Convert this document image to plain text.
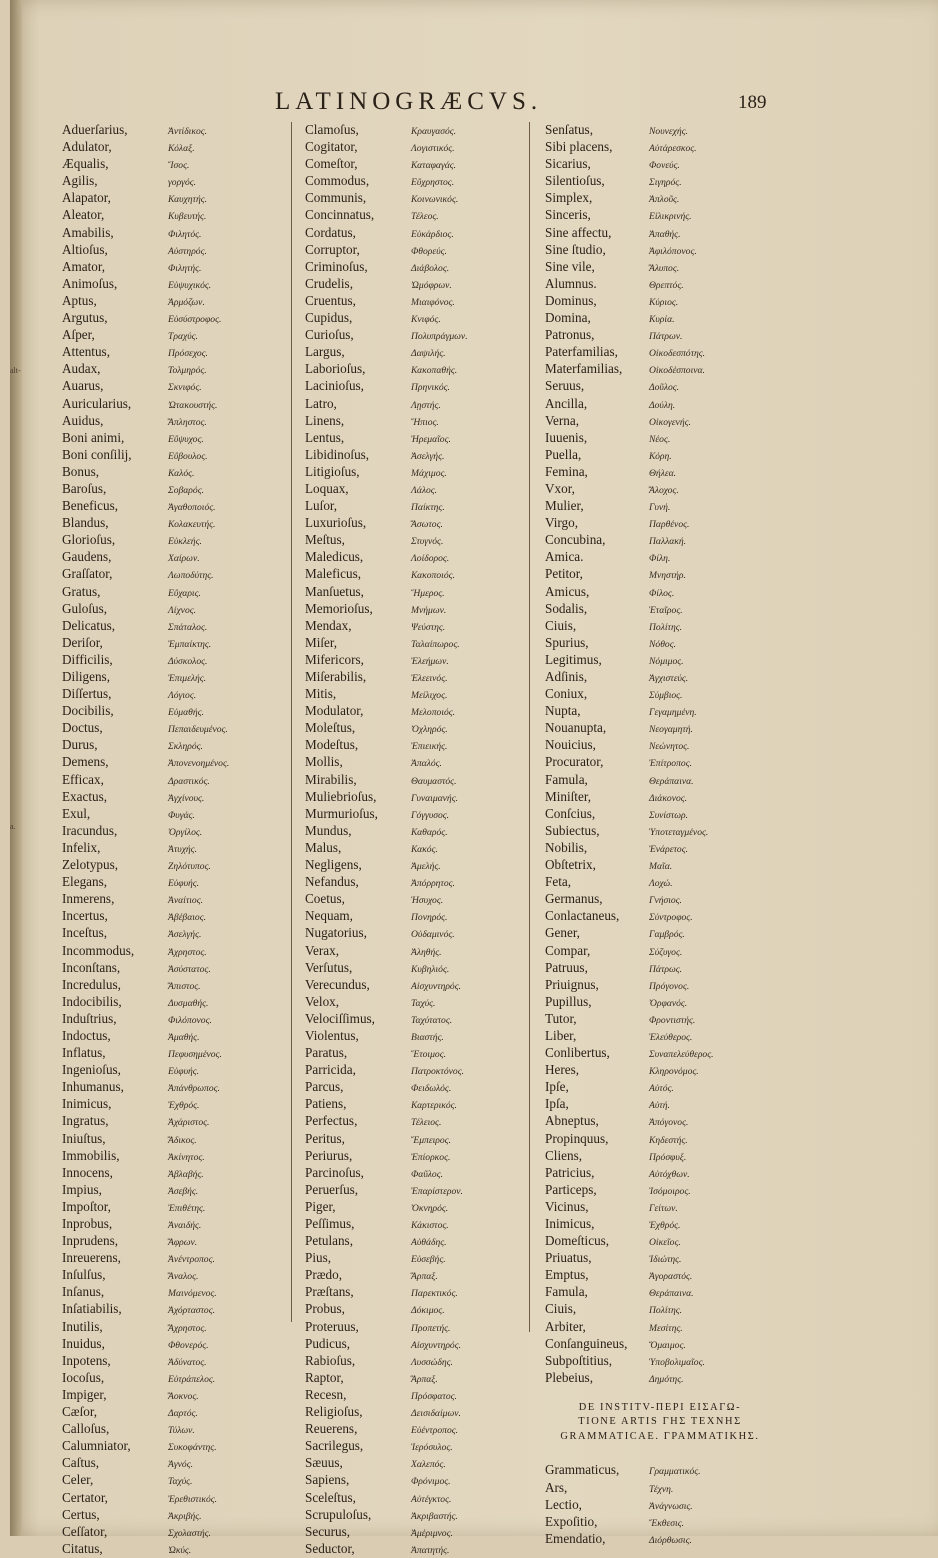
alt-
a.
LATINOGRÆCVS.	189
Aduerſarius,	Ἀντίδικος.
Adulator,	Κόλαξ.
Æqualis,	Ἴσος.
Agilis,	γοργός.
Alapator,	Καυχητής.
Aleator,	Κυβευτής.
Amabilis,	Φιλητός.
Altioſus,	Αὐστηρός.
Amator,	Φιλητής.
Animoſus,	Εὐψυχικός.
Aptus,	Ἁρμόζων.
Argutus,	Εὐσύστροφος.
Aſper,	Τραχύς.
Attentus,	Πρόσεχος.
Audax,	Τολμηρός.
Auarus,	Σκνιφός.
Auricularius,	Ὠτακουστής.
Auidus,	Ἄπληστος.
Boni animi,	Εὔψυχος.
Boni conſilij,	Εὔβουλος.
Bonus,	Καλός.
Baroſus,	Σοβαρός.
Beneficus,	Ἀγαθοποιός.
Blandus,	Κολακευτής.
Glorioſus,	Εὐκλεής.
Gaudens,	Χαίρων.
Graſſator,	Λωποδύτης.
Gratus,	Εὔχαρις.
Guloſus,	Λίχνος.
Delicatus,	Σπάταλος.
Deriſor,	Ἐμπαίκτης.
Difficilis,	Δύσκολος.
Diligens,	Ἐπιμελής.
Diſſertus,	Λόγιος.
Docibilis,	Εὐμαθής.
Doctus,	Πεπαιδευμένος.
Durus,	Σκληρός.
Demens,	Ἀπονενοημένος.
Efficax,	Δραστικός.
Exactus,	Ἀγχίνους.
Exul,	Φυγάς.
Iracundus,	Ὀργίλος.
Infelix,	Ἀτυχής.
Zelotypus,	Ζηλότυπος.
Elegans,	Εὐφυής.
Inmerens,	Ἀναίτιος.
Incertus,	Ἀβέβαιος.
Inceſtus,	Ἀσελγής.
Incommodus,	Ἀχρηστος.
Inconſtans,	Ἀσύστατος.
Incredulus,	Ἄπιστος.
Indocibilis,	Δυσμαθής.
Induſtrius,	Φιλόπονος.
Indoctus,	Ἀμαθής.
Inflatus,	Πεφυσημένος.
Ingenioſus,	Εὐφυής.
Inhumanus,	Ἀπάνθρωπος.
Inimicus,	Ἐχθρός.
Ingratus,	Ἀχάριστος.
Iniuſtus,	Ἄδικος.
Immobilis,	Ἀκίνητος.
Innocens,	Ἀβλαβής.
Impius,	Ἀσεβής.
Impoſtor,	Ἐπιθέτης.
Inprobus,	Ἀναιδής.
Inprudens,	Ἄφρων.
Inreuerens,	Ἀνέντροπος.
Inſulſus,	Ἄναλος.
Inſanus,	Μαινόμενος.
Inſatiabilis,	Ἀχόρταστος.
Inutilis,	Ἄχρηστος.
Inuidus,	Φθονερός.
Inpotens,	Ἀδύνατος.
Iocoſus,	Εὐτράπελος.
Impiger,	Ἄοκνος.
Cæſor,	Δαρτός.
Calloſus,	Τύλων.
Calumniator,	Συκοφάντης.
Caſtus,	Ἁγνός.
Celer,	Ταχύς.
Certator,	Ἐρεθιστικός.
Certus,	Ἀκριβής.
Ceſſator,	Σχολαστής.
Citatus,	Ὠκύς.
Clamoſus,	Κραυγασός.
Cogitator,	Λογιστικός.
Comeſtor,	Καταφαγάς.
Commodus,	Εὔχρηστος.
Communis,	Κοινωνικός.
Concinnatus,	Τέλεος.
Cordatus,	Εὐκάρδιος.
Corruptor,	Φθορεύς.
Criminoſus,	Διάβολος.
Crudelis,	Ὠμόφρων.
Cruentus,	Μιαιφόνος.
Cupidus,	Κνιφός.
Curioſus,	Πολυπράγμων.
Largus,	Δαψιλής.
Laborioſus,	Κακοπαθής.
Lacinioſus,	Πρηνικός.
Latro,	Λῃστής.
Linens,	Ἤπιος.
Lentus,	Ἠρεμαῖος.
Libidinoſus,	Ἀσελγής.
Litigioſus,	Μάχιμος.
Loquax,	Λάλος.
Luſor,	Παίκτης.
Luxurioſus,	Ἄσωτος.
Meſtus,	Στυγνός.
Maledicus,	Λοίδορος.
Maleficus,	Κακοποιός.
Manſuetus,	Ἥμερος.
Memorioſus,	Μνήμων.
Mendax,	Ψεύστης.
Miſer,	Ταλαίπωρος.
Mifericors,	Ἐλεήμων.
Miſerabilis,	Ἐλεεινός.
Mitis,	Μείλιχος.
Modulator,	Μελοποιός.
Moleſtus,	Ὀχληρός.
Modeſtus,	Ἐπιεικής.
Mollis,	Ἁπαλός.
Mirabilis,	Θαυμαστός.
Muliebrioſus,	Γυναιμανής.
Murmurioſus,	Γόγγυσος.
Mundus,	Καθαρός.
Malus,	Κακός.
Negligens,	Ἀμελής.
Nefandus,	Ἀπόρρητος.
Coetus,	Ἡσυχος.
Nequam,	Πονηρός.
Nugatorius,	Οὐδαμινός.
Verax,	Ἀληθής.
Verſutus,	Κυβηλιός.
Verecundus,	Αἰσχυντηρός.
Velox,	Ταχύς.
Velociſſimus,	Ταχύτατος.
Violentus,	Βιαστής.
Paratus,	Ἕτοιμος.
Parricida,	Πατροκτόνος.
Parcus,	Φειδωλός.
Patiens,	Καρτερικός.
Perfectus,	Τέλειος.
Peritus,	Ἔμπειρος.
Periurus,	Ἐπίορκος.
Parcinoſus,	Φαῦλος.
Peruerſus,	Ἐπαρίστερον.
Piger,	Ὀκνηρός.
Peſſimus,	Κάκιστος.
Petulans,	Αὐθάδης.
Pius,	Εὐσεβής.
Prædo,	Ἅρπαξ.
Præſtans,	Παρεκτικός.
Probus,	Δόκιμος.
Proteruus,	Προπετής.
Pudicus,	Αἰσχυντηρός.
Rabioſus,	Λυσσώδης.
Raptor,	Ἅρπαξ.
Recesn,	Πρόσφατος.
Religioſus,	Δεισιδαίμων.
Reuerens,	Εὐέντροπος.
Sacrilegus,	Ἱερόσυλος.
Sæuus,	Χαλεπός.
Sapiens,	Φρόνιμος.
Sceleſtus,	Αὐτέγκτος.
Scrupuloſus,	Ἀκριβαστής.
Securus,	Ἀμέριμνος.
Seductor,	Ἀπατητής.
Senſatus,	Νουνεχής.
Sibi placens,	Αὐτάρεσκος.
Sicarius,	Φονεύς.
Silentioſus,	Σιγηρός.
Simplex,	Ἁπλοῦς.
Sinceris,	Εἰλικρινής.
Sine affectu,	Ἀπαθής.
Sine ſtudio,	Ἀφιλόπονος.
Sine vile,	Ἄλυπος.
Alumnus.	Θρεπτός.
Dominus,	Κύριος.
Domina,	Κυρία.
Patronus,	Πάτρων.
Paterfamilias,	Οἰκοδεσπότης.
Materfamilias,	Οἰκοδέσποινα.
Seruus,	Δοῦλος.
Ancilla,	Δούλη.
Verna,	Οἰκογενής.
Iuuenis,	Νέος.
Puella,	Κόρη.
Femina,	Θήλεα.
Vxor,	Ἄλοχος.
Mulier,	Γυνή.
Virgo,	Παρθένος.
Concubina,	Παλλακή.
Amica.	Φίλη.
Petitor,	Μνηστήρ.
Amicus,	Φίλος.
Sodalis,	Ἑταῖρος.
Ciuis,	Πολίτης.
Spurius,	Νόθος.
Legitimus,	Νόμιμος.
Adſinis,	Ἀγχιστεύς.
Coniux,	Σύμβιος.
Nupta,	Γεγαμημένη.
Nouanupta,	Νεογαμητή.
Nouicius,	Νεώνητος.
Procurator,	Ἐπίτροπος.
Famula,	Θεράπαινα.
Miniſter,	Διάκονος.
Conſcius,	Συνίστωρ.
Subiectus,	Ὑποτεταγμένος.
Nobilis,	Ἐνάρετος.
Obſtetrix,	Μαῖα.
Feta,	Λοχώ.
Germanus,	Γνήσιος.
Conlactaneus,	Σύντροφος.
Gener,	Γαμβρός.
Compar,	Σύζυγος.
Patruus,	Πάτρως.
Priuignus,	Πρόγονος.
Pupillus,	Ὀρφανός.
Tutor,	Φροντιστής.
Liber,	Ἐλεύθερος.
Conlibertus,	Συναπελεύθερος.
Heres,	Κληρονόμος.
Ipſe,	Αὐτός.
Ipſa,	Αὐτή.
Abneptus,	Ἀπόγονος.
Propinquus,	Κηδεστής.
Cliens,	Πρόσφυξ.
Patricius,	Αὐτόχθων.
Particeps,	Ἰσόμοιρος.
Vicinus,	Γείτων.
Inimicus,	Ἐχθρός.
Domeſticus,	Οἰκεῖος.
Priuatus,	Ἰδιώτης.
Emptus,	Ἀγοραστός.
Famula,	Θεράπαινα.
Ciuis,	Πολίτης.
Arbiter,	Μεσίτης.
Conſanguineus,	Ὅμαιμος.
Subpoſtitius,	Ὑποβολιμαῖος.
Plebeius,	Δημότης.
DE INSTITV-ΠΕΡΙ ΕΙΣΑΓΩ-
TIONE ARTIS ΓΗΣ ΤΕΧΝΗΣ
GRAMMATICAE. ΓΡΑΜΜΑΤΙΚΗΣ.
Grammaticus,	Γραμματικός.
Ars,	Τέχνη.
Lectio,	Ἀνάγνωσις.
Expoſitio,	Ἔκθεσις.
Emendatio,	Διόρθωσις.
